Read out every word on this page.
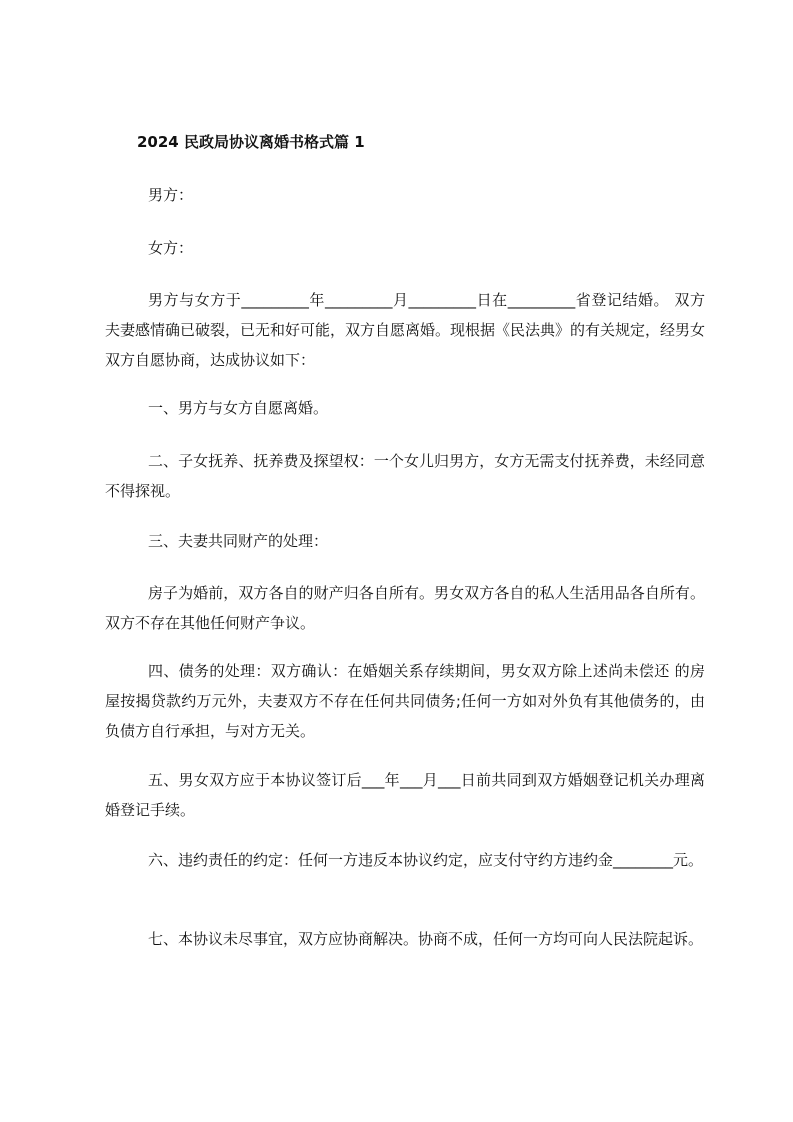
2024 民政局协议离婚书格式篇 1

男方：

女方：

男方与女方于_________年_________月_________日在_________省登记结婚。 双方夫妻感情确已破裂，已无和好可能，双方自愿离婚。现根据《民法典》的有关规定，经男女双方自愿协商，达成协议如下：

一、男方与女方自愿离婚。

二、子女抚养、抚养费及探望权：一个女儿归男方，女方无需支付抚养费，未经同意不得探视。

三、夫妻共同财产的处理：

房子为婚前，双方各自的财产归各自所有。男女双方各自的私人生活用品各自所有。双方不存在其他任何财产争议。

四、债务的处理：双方确认：在婚姻关系存续期间，男女双方除上述尚未偿还 的房屋按揭贷款约万元外，夫妻双方不存在任何共同债务;任何一方如对外负有其他债务的，由负债方自行承担，与对方无关。

五、男女双方应于本协议签订后___年___月___日前共同到双方婚姻登记机关办理离婚登记手续。

六、违约责任的约定：任何一方违反本协议约定，应支付守约方违约金________元。

七、本协议未尽事宜，双方应协商解决。协商不成，任何一方均可向人民法院起诉。
